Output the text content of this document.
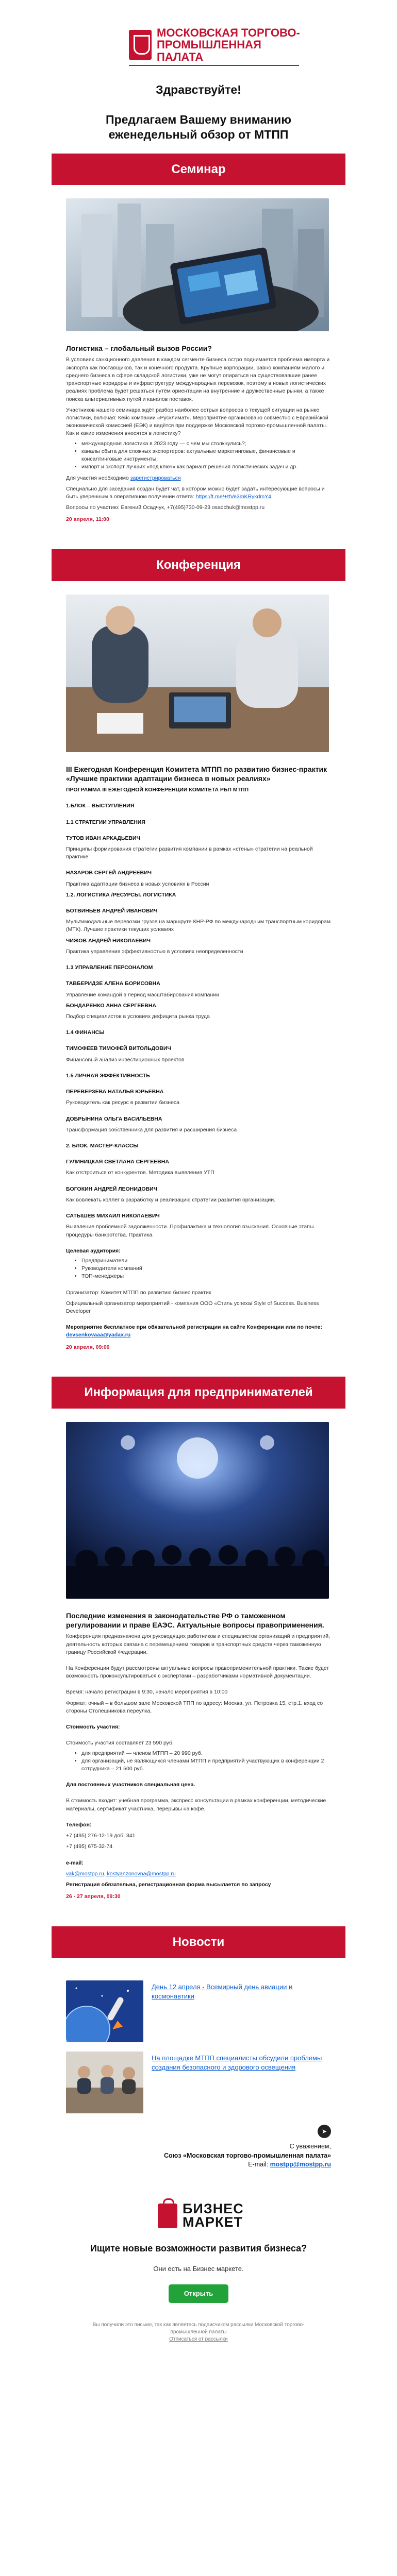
МОСКОВСКАЯ ТОРГОВО-ПРОМЫШЛЕННАЯ ПАЛАТА
Здравствуйте!
Предлагаем Вашему вниманию еженедельный обзор от МТПП
Семинар
Логистика – глобальный вызов России?
В условиях санкционного давления в каждом сегменте бизнеса остро поднимается проблема импорта и экспорта как поставщиков, так и конечного продукта. Крупные корпорации, равно компаниям малого и среднего бизнеса в сфере складской логистики, уже не могут опираться на существовавшие ранее транспортные коридоры и инфраструктуру международных перевозок, поэтому в новых логистических реалиях проблема будет решаться путём ориентации на внутренние и дружественные рынки, а также поиска альтернативных путей и каналов поставок.
Участников нашего семинара ждёт разбор наиболее острых вопросов о текущей ситуации на рынке логистики, включая: Кейс компании «Русклимат». Мероприятие организовано совместно с Евразийской экономической комиссией (ЕЭК) и ведётся при поддержке Московской торгово-промышленной палаты. Как и какие изменения вносятся в логистику?
• международная логистика в 2023 году — с чем мы столкнулись?;
• каналы сбыта для сложных экспортеров: актуальные маркетинговые, финансовые и консалтинговые инструменты;
• импорт и экспорт лучших «под ключ» как вариант решения логистических задач и др.
Для участия необходимо зарегистрироваться
Специально для заседания создан будет чат, в котором можно будет задать интересующие вопросы и быть уверенным в оперативном получении ответа: https://t.me/+ttVe3mKRykdmY4
Вопросы по участию: Евгений Осадчук, +7(495)730-09-23 osadchuk@mostpp.ru
20 апреля, 11:00
Конференция
III Ежегодная Конференция Комитета МТПП по развитию бизнес-практик «Лучшие практики адаптации бизнеса в новых реалиях»
ПРОГРАММА III ЕЖЕГОДНОЙ КОНФЕРЕНЦИИ КОМИТЕТА РБП МТПП
1.БЛОК – ВЫСТУПЛЕНИЯ
1.1 СТРАТЕГИИ УПРАВЛЕНИЯ
ТУТОВ ИВАН АРКАДЬЕВИЧ
Принципы формирования стратегии развития компании в рамках «стены» стратегии на реальной практике
НАЗАРОВ СЕРГЕЙ АНДРЕЕВИЧ
Практика адаптации бизнеса в новых условиях в России
1.2. ЛОГИСТИКА /РЕСУРСЫ. ЛОГИСТИКА
БОТВИНЬЕВ АНДРЕЙ ИВАНОВИЧ
Мультимодальные перевозки грузов на маршруте КНР-РФ по международным транспортным коридорам (МТК). Лучшие практики текущих условиях
ЧИЖОВ АНДРЕЙ НИКОЛАЕВИЧ
Практика управления эффективностью в условиях неопределенности
1.3 УПРАВЛЕНИЕ ПЕРСОНАЛОМ
ТАВБЕРИДЗЕ АЛЕНА БОРИСОВНА
Управление командой в период масштабирования компании
БОНДАРЕНКО АННА СЕРГЕЕВНА
Подбор специалистов в условиях дефицита рынка труда
1.4 ФИНАНСЫ
ТИМОФЕЕВ ТИМОФЕЙ ВИТОЛЬДОВИЧ
Финансовый анализ инвестиционных проектов
1.5 ЛИЧНАЯ ЭФФЕКТИВНОСТЬ
ПЕРЕВЕРЗЕВА НАТАЛЬЯ ЮРЬЕВНА
Руководитель как ресурс в развитии бизнеса
ДОБРЫНИНА ОЛЬГА ВАСИЛЬЕВНА
Трансформация собственника для развития и расширения бизнеса
2. БЛОК. МАСТЕР-КЛАССЫ
ГУЛИНИЦКАЯ СВЕТЛАНА СЕРГЕЕВНА
Как отстроиться от конкурентов. Методика выявления УТП
БОГОКИН АНДРЕЙ ЛЕОНИДОВИЧ
Как вовлекать коллег в разработку и реализацию стратегии развития организации.
САТЫШЕВ МИХАИЛ НИКОЛАЕВИЧ
Выявление проблемной задолженности. Профилактика и технология взыскания. Основные этапы процедуры банкротства. Практика.
Целевая аудитория:
• Предприниматели
• Руководители компаний
• ТОП-менеджеры
Организатор: Комитет МТПП по развитию бизнес практик
Официальный организатор мероприятий - компания ООО «Стиль успеха/ Style of Success. Business Developer
Мероприятие бесплатное при обязательной регистрации на сайте Конференции или по почте: devsenkovaaa@yadax.ru
20 апреля, 09:00
Информация для предпринимателей
Последние изменения в законодательстве РФ о таможенном регулировании и праве ЕАЭС. Актуальные вопросы правоприменения.
Конференция предназначена для руководящих работников и специалистов организаций и предприятий, деятельность которых связана с перемещением товаров и транспортных средств через таможенную границу Российской Федерации.
На Конференции будут рассмотрены актуальные вопросы правоприменительной практики. Также будет возможность проконсультироваться с экспертами – разработчиками нормативной документации.
Время: начало регистрации в 9:30, начало мероприятия в 10:00
Формат: очный – в большом зале Московской ТПП по адресу: Москва, ул. Петровка 15, стр.1, вход со стороны Столешникова переулка.
Стоимость участия:
Стоимость участия составляет 23 590 руб.
• для предприятий — членов МТПП – 20 990 руб.
• для организаций, не являющихся членами МТПП и предприятий участвующих в конференции 2 сотрудника – 21 500 руб.
Для постоянных участников специальная цена.
В стоимость входит: учебная программа, экспресс консультации в рамках конференции, методические материалы, сертификат участника, перерывы на кофе.
Телефон:
+7 (495) 276-12-19 доб. 341
+7 (495) 675-32-74
e-mail:
vak@mostpp.ru, kostyanzonovna@mostpp.ru
Регистрация обязательна, регистрационная форма высылается по запросу
26 - 27 апреля, 09:30
Новости
День 12 апреля - Всемирный день авиации и космонавтики
На площадке МТПП специалисты обсудили проблемы создания безопасного и здорового освещения
➤
С уважением,
Союз «Московская торгово-промышленная палата»
E-mail: mostpp@mostpp.ru
БИЗНЕС МАРКЕТ
Ищите новые возможности развития бизнеса?
Они есть на Бизнес маркете.
Открыть
Вы получили это письмо, так как являетесь подписчиком рассылки Московской торгово-промышленной палаты
Отписаться от рассылки
